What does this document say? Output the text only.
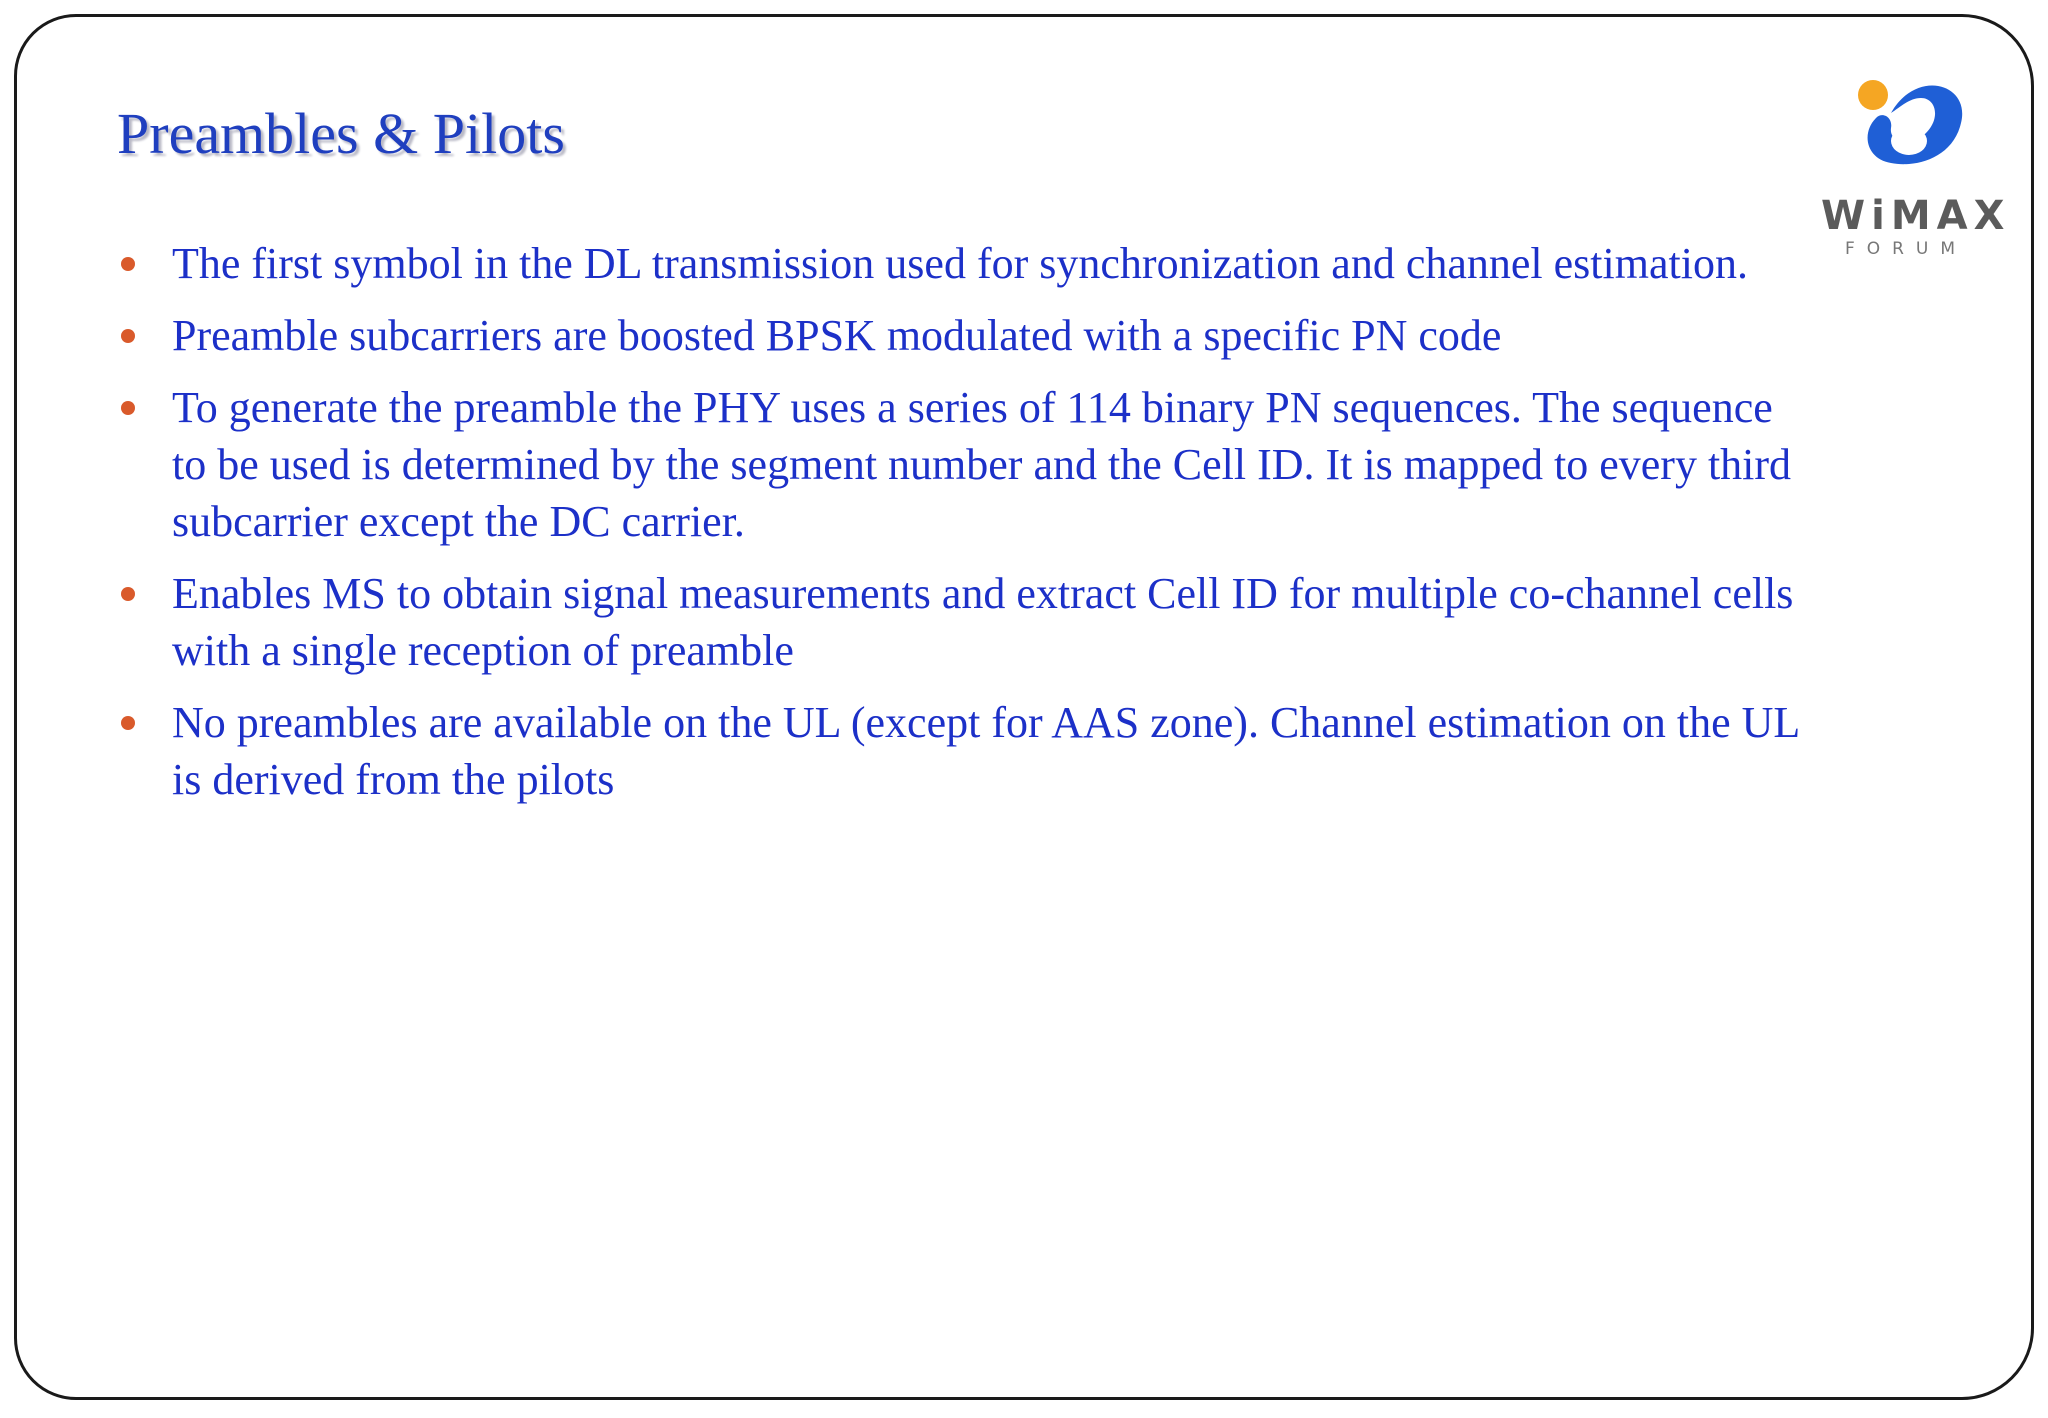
Preambles & Pilots
WiMAX
FORUM
The first symbol in the DL transmission used for synchronization and channel estimation.
Preamble subcarriers are boosted BPSK modulated with a specific PN code
To generate the preamble the PHY uses a series of 114 binary PN sequences. The sequence to be used is determined by the segment number and the Cell ID. It is mapped to every third subcarrier except the DC carrier.
Enables MS to obtain signal measurements and extract Cell ID for multiple co-channel cells with a single reception of preamble
No preambles are available on the UL (except for AAS zone). Channel estimation on the UL is derived from the pilots
